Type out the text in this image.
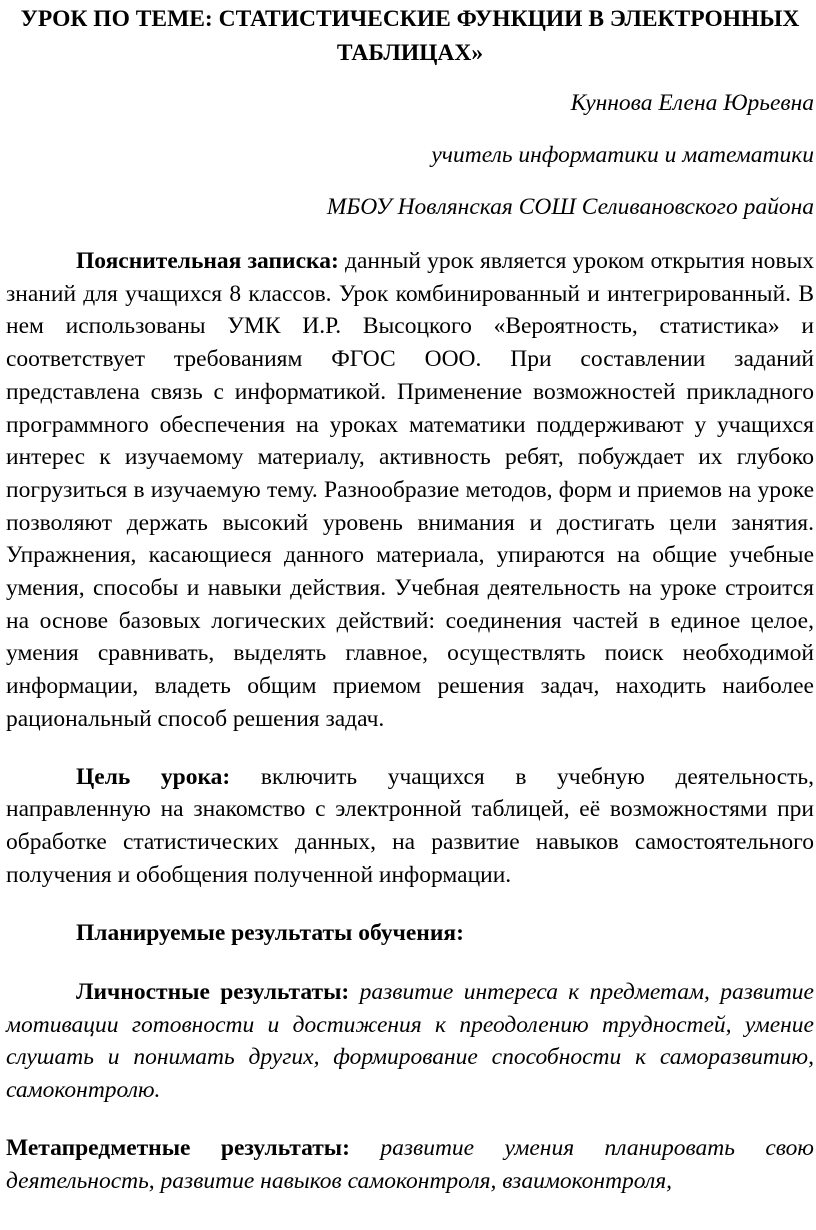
УРОК ПО ТЕМЕ: СТАТИСТИЧЕСКИЕ ФУНКЦИИ В ЭЛЕКТРОННЫХ ТАБЛИЦАХ»

Куннова Елена Юрьевна

учитель информатики и математики

МБОУ Новлянская СОШ Селивановского района

Пояснительная записка: данный урок является уроком открытия новых знаний для учащихся 8 классов. Урок комбинированный и интегрированный. В нем использованы УМК И.Р. Высоцкого «Вероятность, статистика» и соответствует требованиям ФГОС ООО. При составлении заданий представлена связь с информатикой. Применение возможностей прикладного программного обеспечения на уроках математики поддерживают у учащихся интерес к изучаемому материалу, активность ребят, побуждает их глубоко погрузиться в изучаемую тему. Разнообразие методов, форм и приемов на уроке позволяют держать высокий уровень внимания и достигать цели занятия. Упражнения, касающиеся данного материала, упираются на общие учебные умения, способы и навыки действия. Учебная деятельность на уроке строится на основе базовых логических действий: соединения частей в единое целое, умения сравнивать, выделять главное, осуществлять поиск необходимой информации, владеть общим приемом решения задач, находить наиболее рациональный способ решения задач.

Цель урока: включить учащихся в учебную деятельность, направленную на знакомство с электронной таблицей, её возможностями при обработке статистических данных, на развитие навыков самостоятельного получения и обобщения полученной информации.

Планируемые результаты обучения:

Личностные результаты: развитие интереса к предметам, развитие мотивации готовности и достижения к преодолению трудностей, умение слушать и понимать других, формирование способности к саморазвитию, самоконтролю.

Метапредметные результаты: развитие умения планировать свою деятельность, развитие навыков самоконтроля, взаимоконтроля,
